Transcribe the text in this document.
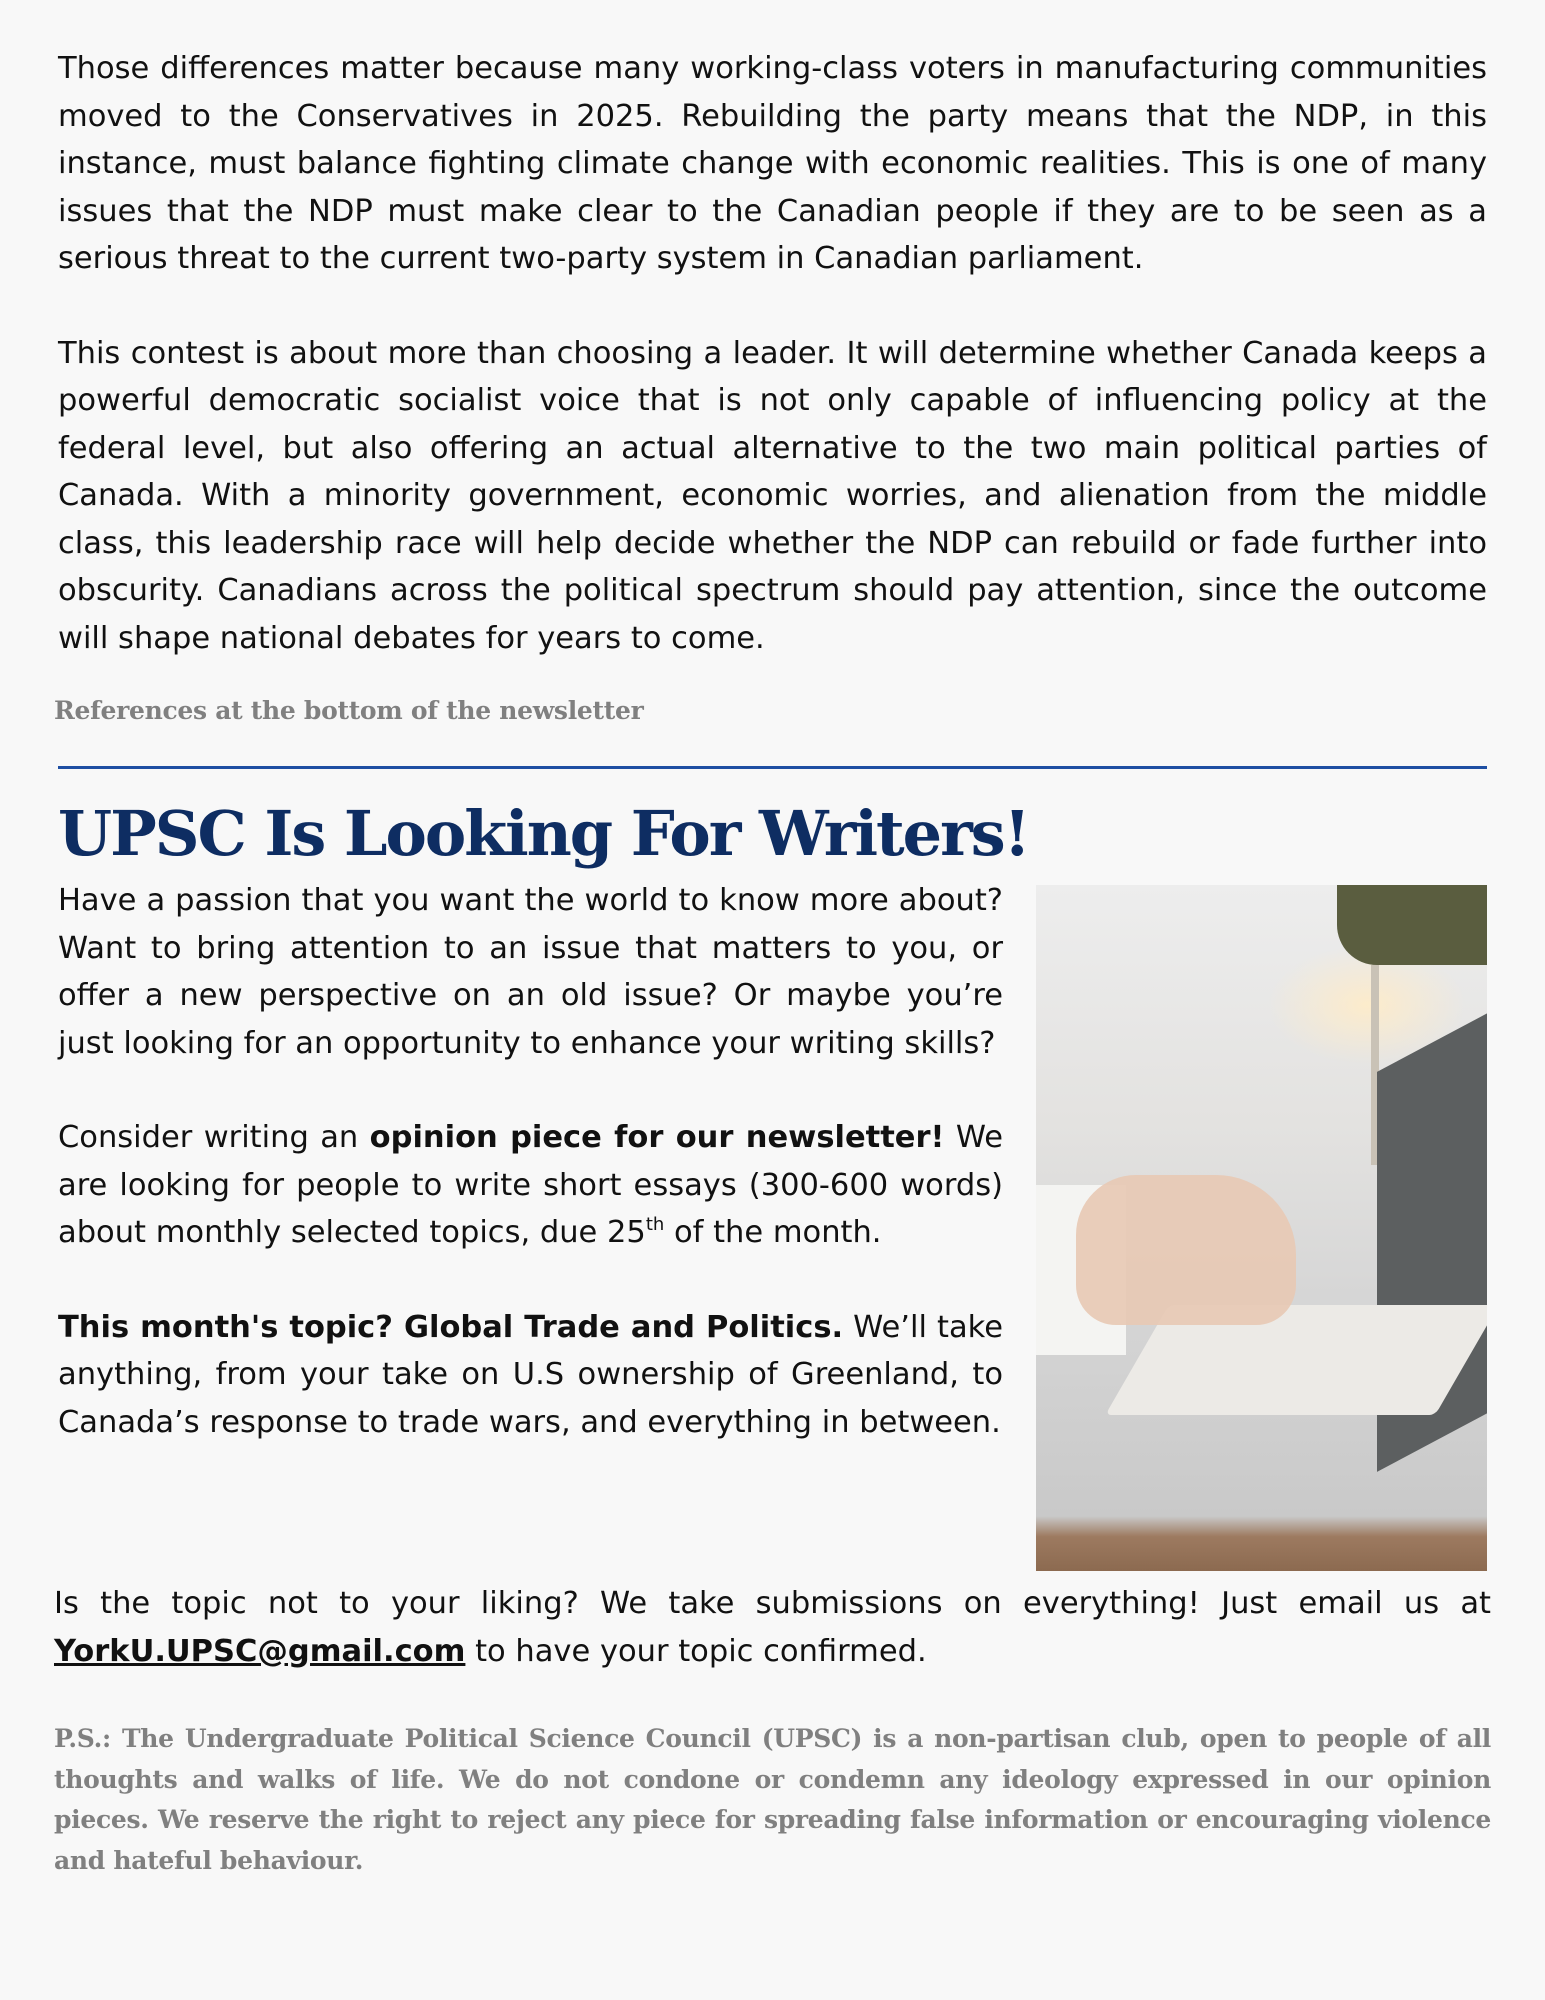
Those differences matter because many working-class voters in manufacturing communities moved to the Conservatives in 2025. Rebuilding the party means that the NDP, in this instance, must balance fighting climate change with economic realities. This is one of many issues that the NDP must make clear to the Canadian people if they are to be seen as a serious threat to the current two-party system in Canadian parliament.

This contest is about more than choosing a leader. It will determine whether Canada keeps a powerful democratic socialist voice that is not only capable of influencing policy at the federal level, but also offering an actual alternative to the two main political parties of Canada. With a minority government, economic worries, and alienation from the middle class, this leadership race will help decide whether the NDP can rebuild or fade further into obscurity. Canadians across the political spectrum should pay attention, since the outcome will shape national debates for years to come.

References at the bottom of the newsletter
UPSC Is Looking For Writers!

Have a passion that you want the world to know more about? Want to bring attention to an issue that matters to you, or offer a new perspective on an old issue? Or maybe you’re just looking for an opportunity to enhance your writing skills?

Consider writing an opinion piece for our newsletter! We are looking for people to write short essays (300-600 words) about monthly selected topics, due 25th of the month.

This month's topic? Global Trade and Politics. We’ll take anything, from your take on U.S ownership of Greenland, to Canada’s response to trade wars, and everything in between.

Is the topic not to your liking? We take submissions on everything! Just email us at YorkU.UPSC@gmail.com to have your topic confirmed.

P.S.: The Undergraduate Political Science Council (UPSC) is a non-partisan club, open to people of all thoughts and walks of life. We do not condone or condemn any ideology expressed in our opinion pieces. We reserve the right to reject any piece for spreading false information or encouraging violence and hateful behaviour.
